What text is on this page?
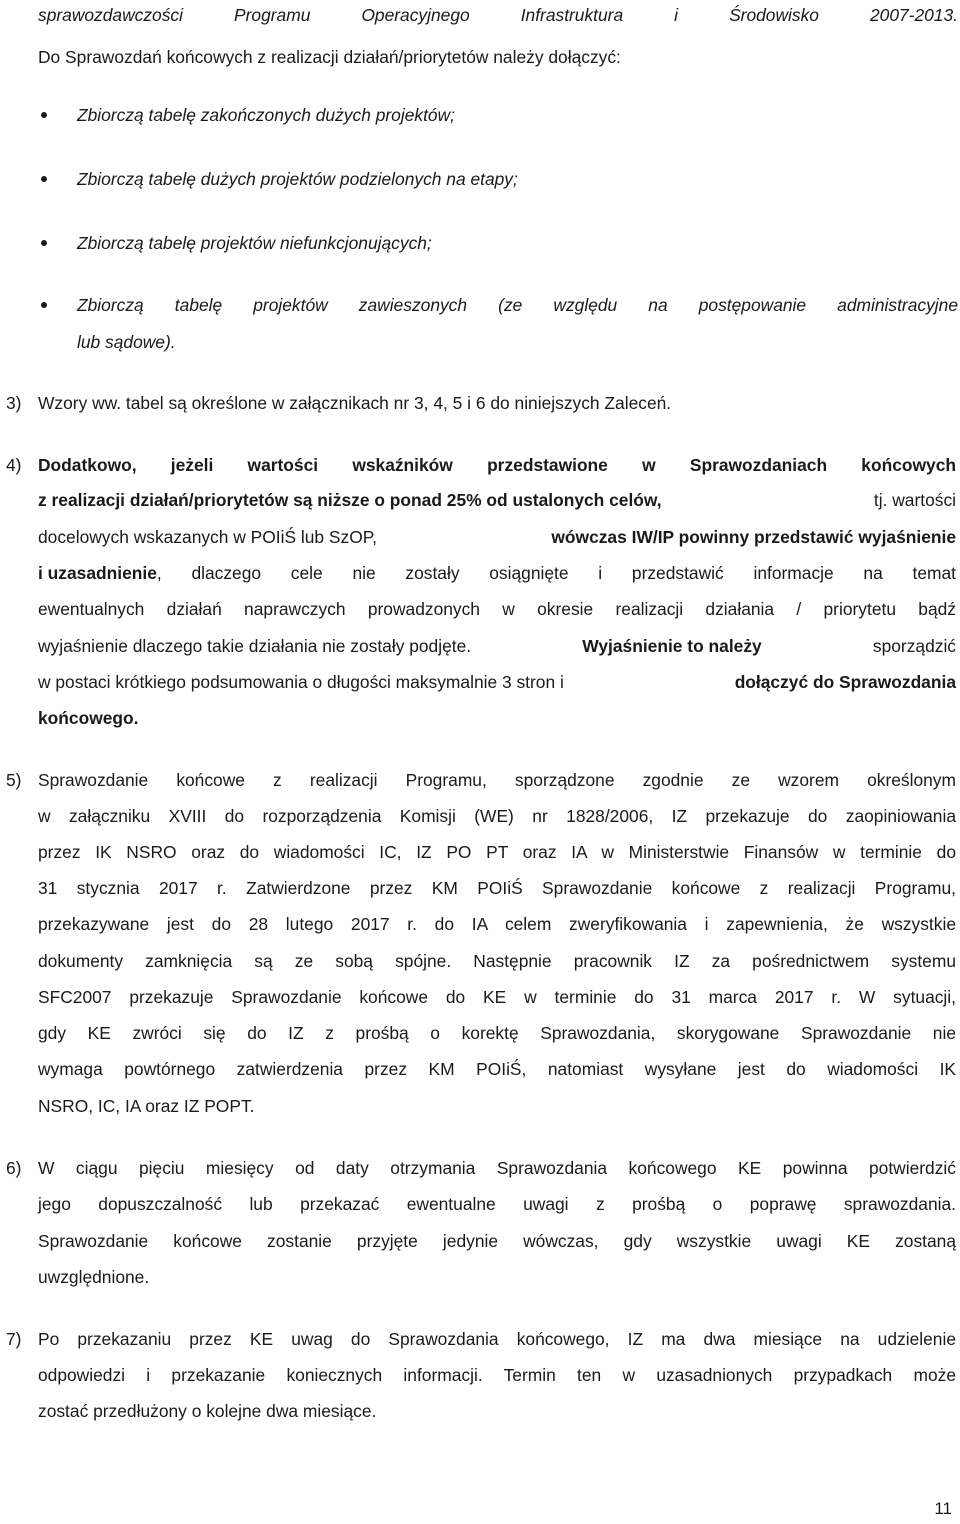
sprawozdawczości Programu Operacyjnego Infrastruktura i Środowisko 2007-2013.
Do Sprawozdań końcowych z realizacji działań/priorytetów należy dołączyć:
Zbiorczą tabelę zakończonych dużych projektów;
Zbiorczą tabelę dużych projektów podzielonych na etapy;
Zbiorczą tabelę projektów niefunkcjonujących;
Zbiorczą tabelę projektów zawieszonych (ze względu na postępowanie administracyjne
lub sądowe).
3) Wzory ww. tabel są określone w załącznikach nr 3, 4, 5 i 6 do niniejszych Zaleceń.
4) Dodatkowo, jeżeli wartości wskaźników przedstawione w Sprawozdaniach końcowych
z realizacji działań/priorytetów są niższe o ponad 25% od ustalonych celów,	tj. wartości
docelowych wskazanych w POIiŚ lub SzOP,	wówczas IW/IP powinny przedstawić wyjaśnienie
i uzasadnienie , dlaczego cele nie zostały osiągnięte i przedstawić informacje na temat
ewentualnych działań naprawczych prowadzonych w okresie realizacji działania / priorytetu bądź
wyjaśnienie dlaczego takie działania nie zostały podjęte.	Wyjaśnienie to należy	sporządzić
w postaci krótkiego podsumowania o długości maksymalnie 3 stron i	dołączyć do Sprawozdania
końcowego.
5) Sprawozdanie końcowe z realizacji Programu, sporządzone zgodnie ze wzorem określonym
w załączniku XVIII do rozporządzenia Komisji (WE) nr 1828/2006, IZ przekazuje do zaopiniowania
przez IK NSRO oraz do wiadomości IC, IZ PO PT oraz IA w Ministerstwie Finansów w terminie do
31 stycznia 2017 r. Zatwierdzone przez KM POIiŚ Sprawozdanie końcowe z realizacji Programu,
przekazywane jest do 28 lutego 2017 r. do IA celem zweryfikowania i zapewnienia, że wszystkie
dokumenty zamknięcia są ze sobą spójne. Następnie pracownik IZ za pośrednictwem systemu
SFC2007 przekazuje Sprawozdanie końcowe do KE w terminie do 31 marca 2017 r. W sytuacji,
gdy KE zwróci się do IZ z prośbą o korektę Sprawozdania, skorygowane Sprawozdanie nie
wymaga powtórnego zatwierdzenia przez KM POIiŚ, natomiast wysyłane jest do wiadomości IK
NSRO, IC, IA oraz IZ POPT.
6) W ciągu pięciu miesięcy od daty otrzymania Sprawozdania końcowego KE powinna potwierdzić
jego dopuszczalność lub przekazać ewentualne uwagi z prośbą o poprawę sprawozdania.
Sprawozdanie końcowe zostanie przyjęte jedynie wówczas, gdy wszystkie uwagi KE zostaną
uwzględnione.
7) Po przekazaniu przez KE uwag do Sprawozdania końcowego, IZ ma dwa miesiące na udzielenie
odpowiedzi i przekazanie koniecznych informacji. Termin ten w uzasadnionych przypadkach może
zostać przedłużony o kolejne dwa miesiące.
11
